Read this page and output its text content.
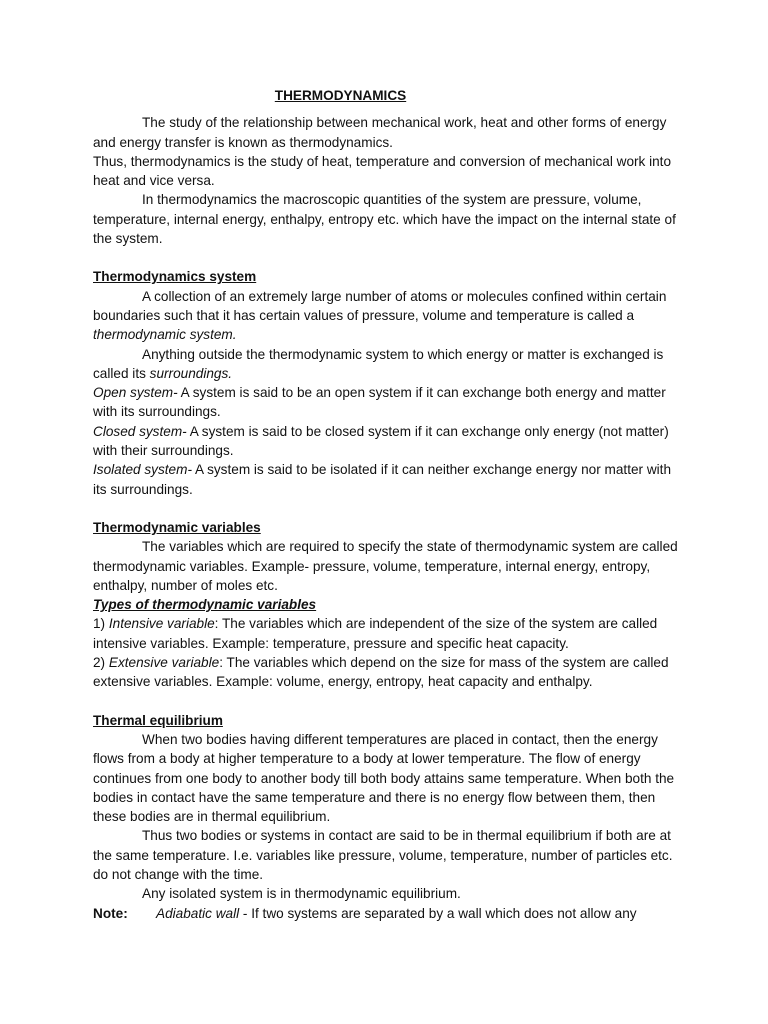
THERMODYNAMICS

The study of the relationship between mechanical work, heat and other forms of energy and energy transfer is known as thermodynamics.

Thus, thermodynamics is the study of heat, temperature and conversion of mechanical work into heat and vice versa.

In thermodynamics the macroscopic quantities of the system are pressure, volume, temperature, internal energy, enthalpy, entropy etc. which have the impact on the internal state of the system.

Thermodynamics system

A collection of an extremely large number of atoms or molecules confined within certain boundaries such that it has certain values of pressure, volume and temperature is called a thermodynamic system.

Anything outside the thermodynamic system to which energy or matter is exchanged is called its surroundings.

Open system- A system is said to be an open system if it can exchange both energy and matter with its surroundings.

Closed system- A system is said to be closed system if it can exchange only energy (not matter) with their surroundings.

Isolated system- A system is said to be isolated if it can neither exchange energy nor matter with its surroundings.

Thermodynamic variables

The variables which are required to specify the state of thermodynamic system are called thermodynamic variables. Example- pressure, volume, temperature, internal energy, entropy, enthalpy, number of moles etc.

Types of thermodynamic variables

1) Intensive variable: The variables which are independent of the size of the system are called intensive variables. Example: temperature, pressure and specific heat capacity.

2) Extensive variable: The variables which depend on the size for mass of the system are called extensive variables. Example: volume, energy, entropy, heat capacity and enthalpy.

Thermal equilibrium

When two bodies having different temperatures are placed in contact, then the energy flows from a body at higher temperature to a body at lower temperature. The flow of energy continues from one body to another body till both body attains same temperature. When both the bodies in contact have the same temperature and there is no energy flow between them, then these bodies are in thermal equilibrium.

Thus two bodies or systems in contact are said to be in thermal equilibrium if both are at the same temperature. I.e. variables like pressure, volume, temperature, number of particles etc. do not change with the time.

Any isolated system is in thermodynamic equilibrium.

Note: Adiabatic wall - If two systems are separated by a wall which does not allow any
